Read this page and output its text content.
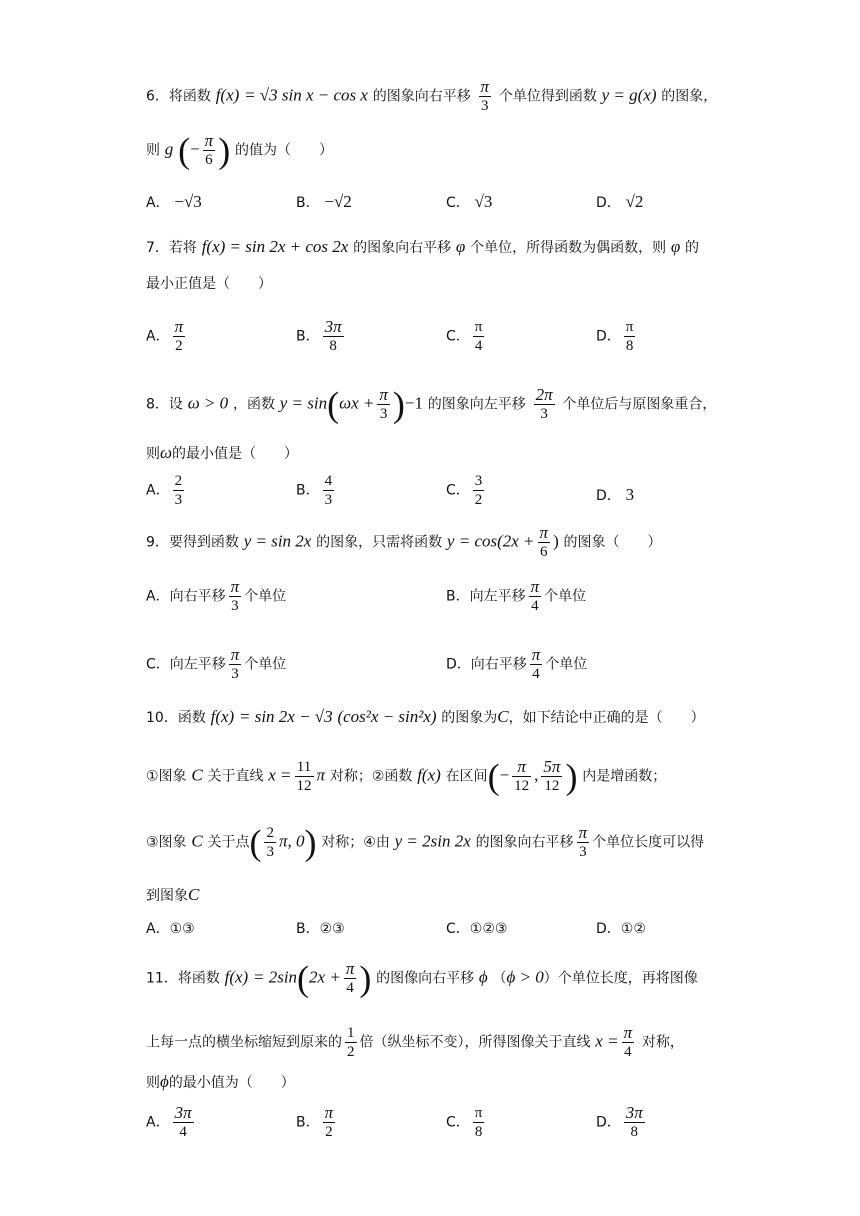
6．将函数 f(x) = √3 sin x − cos x 的图象向右平移 $\frac{\pi}{3}$ 个单位得到函数 y = g(x) 的图象，
则 g (− $\frac{\pi}{6}$ ) 的值为（　　）
A． −√3	B． −√2	C． √3	D． √2
7．若将 f(x) = sin 2x + cos 2x 的图象向右平移 φ 个单位，所得函数为偶函数，则 φ 的
最小正值是（　　）
A． $\frac{\pi}{2}$	B． $\frac{3\pi}{8}$	C． $\frac{\pi}{4}$	D． $\frac{\pi}{8}$
8．设 ω > 0 ，函数 $y = \sin(\omega x + \frac{\pi}{3} )-1$ 的图象向左平移 $\frac{2\pi}{3}$ 个单位后与原图象重合，
则ω的最小值是（　　）
A． $\frac{2}{3}$	B． $\frac{4}{3}$	C． $\frac{3}{2}$	D． 3
9．要得到函数 y = sin 2x 的图象，只需将函数 $y = \cos(2x + \frac{\pi}{6}$ ) 的图象（　　）
A．向右平移 $\frac{\pi}{3}$ 个单位	B．向左平移 $\frac{\pi}{4}$ 个单位
C．向左平移 $\frac{\pi}{3}$ 个单位	D．向右平移 $\frac{\pi}{4}$ 个单位
10．函数 f(x) = sin 2x − √3 (cos²x − sin²x) 的图象为C，如下结论中正确的是（　　）
①图象 C 关于直线 $x = \frac{11}{12}$ π 对称；②函数 f(x) 在区间(− $\frac{\pi}{12}$ , $\frac{5\pi}{12}$ ) 内是增函数；
③图象 C 关于点( $\frac{2}{3} \pi$, 0) 对称；④由 y = 2sin 2x 的图象向右平移 $\frac{\pi}{3}$ 个单位长度可以得
到图象C
A．①③	B．②③	C．①②③	D．①②
11．将函数 $f(x) = 2\sin(2x + \frac{\pi}{4}$ ) 的图像向右平移 ϕ （ϕ > 0）个单位长度，再将图像
上每一点的横坐标缩短到原来的 $\frac{1}{2}$ 倍（纵坐标不变），所得图像关于直线 $x = \frac{\pi}{4}$ 对称，
则ϕ的最小值为（　　）
A． $\frac{3\pi}{4}$	B． $\frac{\pi}{2}$	C． $\frac{\pi}{8}$	D． $\frac{3\pi}{8}$
